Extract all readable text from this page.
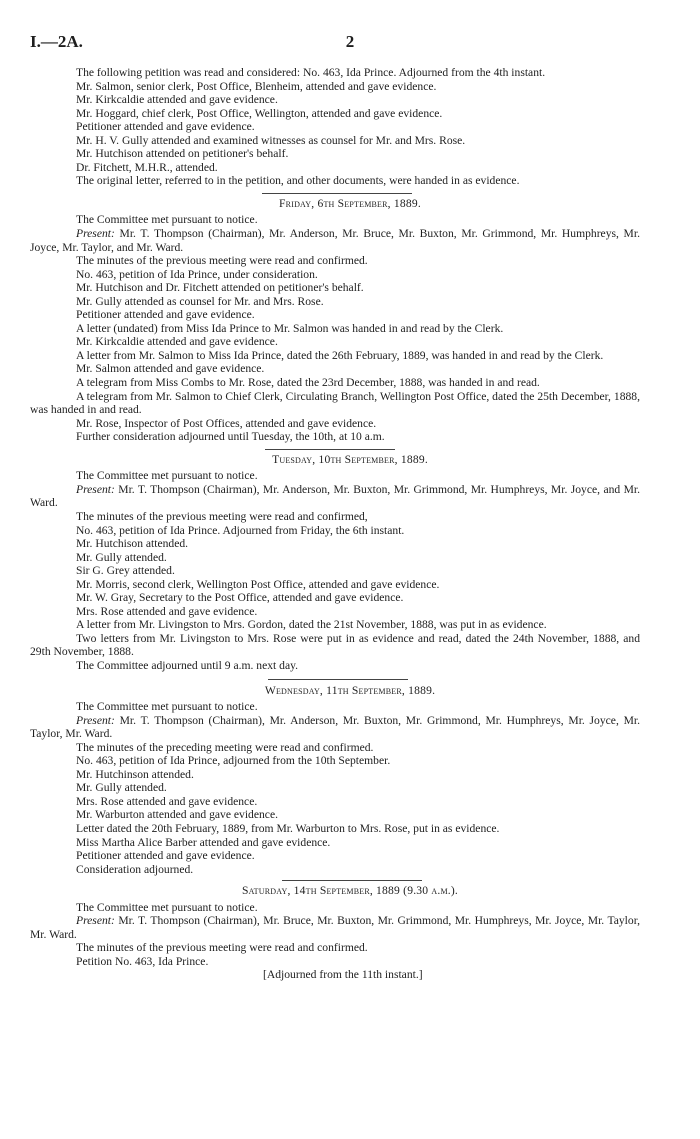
I.—2A.	2

The following petition was read and considered: No. 463, Ida Prince. Adjourned from the 4th instant.

Mr. Salmon, senior clerk, Post Office, Blenheim, attended and gave evidence.

Mr. Kirkcaldie attended and gave evidence.

Mr. Hoggard, chief clerk, Post Office, Wellington, attended and gave evidence.

Petitioner attended and gave evidence.

Mr. H. V. Gully attended and examined witnesses as counsel for Mr. and Mrs. Rose.

Mr. Hutchison attended on petitioner's behalf.

Dr. Fitchett, M.H.R., attended.

The original letter, referred to in the petition, and other documents, were handed in as evidence.

Friday, 6th September, 1889.

The Committee met pursuant to notice.

Present: Mr. T. Thompson (Chairman), Mr. Anderson, Mr. Bruce, Mr. Buxton, Mr. Grimmond, Mr. Humphreys, Mr. Joyce, Mr. Taylor, and Mr. Ward.

The minutes of the previous meeting were read and confirmed.

No. 463, petition of Ida Prince, under consideration.

Mr. Hutchison and Dr. Fitchett attended on petitioner's behalf.

Mr. Gully attended as counsel for Mr. and Mrs. Rose.

Petitioner attended and gave evidence.

A letter (undated) from Miss Ida Prince to Mr. Salmon was handed in and read by the Clerk.

Mr. Kirkcaldie attended and gave evidence.

A letter from Mr. Salmon to Miss Ida Prince, dated the 26th February, 1889, was handed in and read by the Clerk.

Mr. Salmon attended and gave evidence.

A telegram from Miss Combs to Mr. Rose, dated the 23rd December, 1888, was handed in and read.

A telegram from Mr. Salmon to Chief Clerk, Circulating Branch, Wellington Post Office, dated the 25th December, 1888, was handed in and read.

Mr. Rose, Inspector of Post Offices, attended and gave evidence.

Further consideration adjourned until Tuesday, the 10th, at 10 a.m.

Tuesday, 10th September, 1889.

The Committee met pursuant to notice.

Present: Mr. T. Thompson (Chairman), Mr. Anderson, Mr. Buxton, Mr. Grimmond, Mr. Humphreys, Mr. Joyce, and Mr. Ward.

The minutes of the previous meeting were read and confirmed,

No. 463, petition of Ida Prince. Adjourned from Friday, the 6th instant.

Mr. Hutchison attended.

Mr. Gully attended.

Sir G. Grey attended.

Mr. Morris, second clerk, Wellington Post Office, attended and gave evidence.

Mr. W. Gray, Secretary to the Post Office, attended and gave evidence.

Mrs. Rose attended and gave evidence.

A letter from Mr. Livingston to Mrs. Gordon, dated the 21st November, 1888, was put in as evidence.

Two letters from Mr. Livingston to Mrs. Rose were put in as evidence and read, dated the 24th November, 1888, and 29th November, 1888.

The Committee adjourned until 9 a.m. next day.

Wednesday, 11th September, 1889.

The Committee met pursuant to notice.

Present: Mr. T. Thompson (Chairman), Mr. Anderson, Mr. Buxton, Mr. Grimmond, Mr. Humphreys, Mr. Joyce, Mr. Taylor, Mr. Ward.

The minutes of the preceding meeting were read and confirmed.

No. 463, petition of Ida Prince, adjourned from the 10th September.

Mr. Hutchinson attended.

Mr. Gully attended.

Mrs. Rose attended and gave evidence.

Mr. Warburton attended and gave evidence.

Letter dated the 20th February, 1889, from Mr. Warburton to Mrs. Rose, put in as evidence.

Miss Martha Alice Barber attended and gave evidence.

Petitioner attended and gave evidence.

Consideration adjourned.

Saturday, 14th September, 1889 (9.30 a.m.).

The Committee met pursuant to notice.

Present: Mr. T. Thompson (Chairman), Mr. Bruce, Mr. Buxton, Mr. Grimmond, Mr. Humphreys, Mr. Joyce, Mr. Taylor, Mr. Ward.

The minutes of the previous meeting were read and confirmed.

Petition No. 463, Ida Prince.

[Adjourned from the 11th instant.]
